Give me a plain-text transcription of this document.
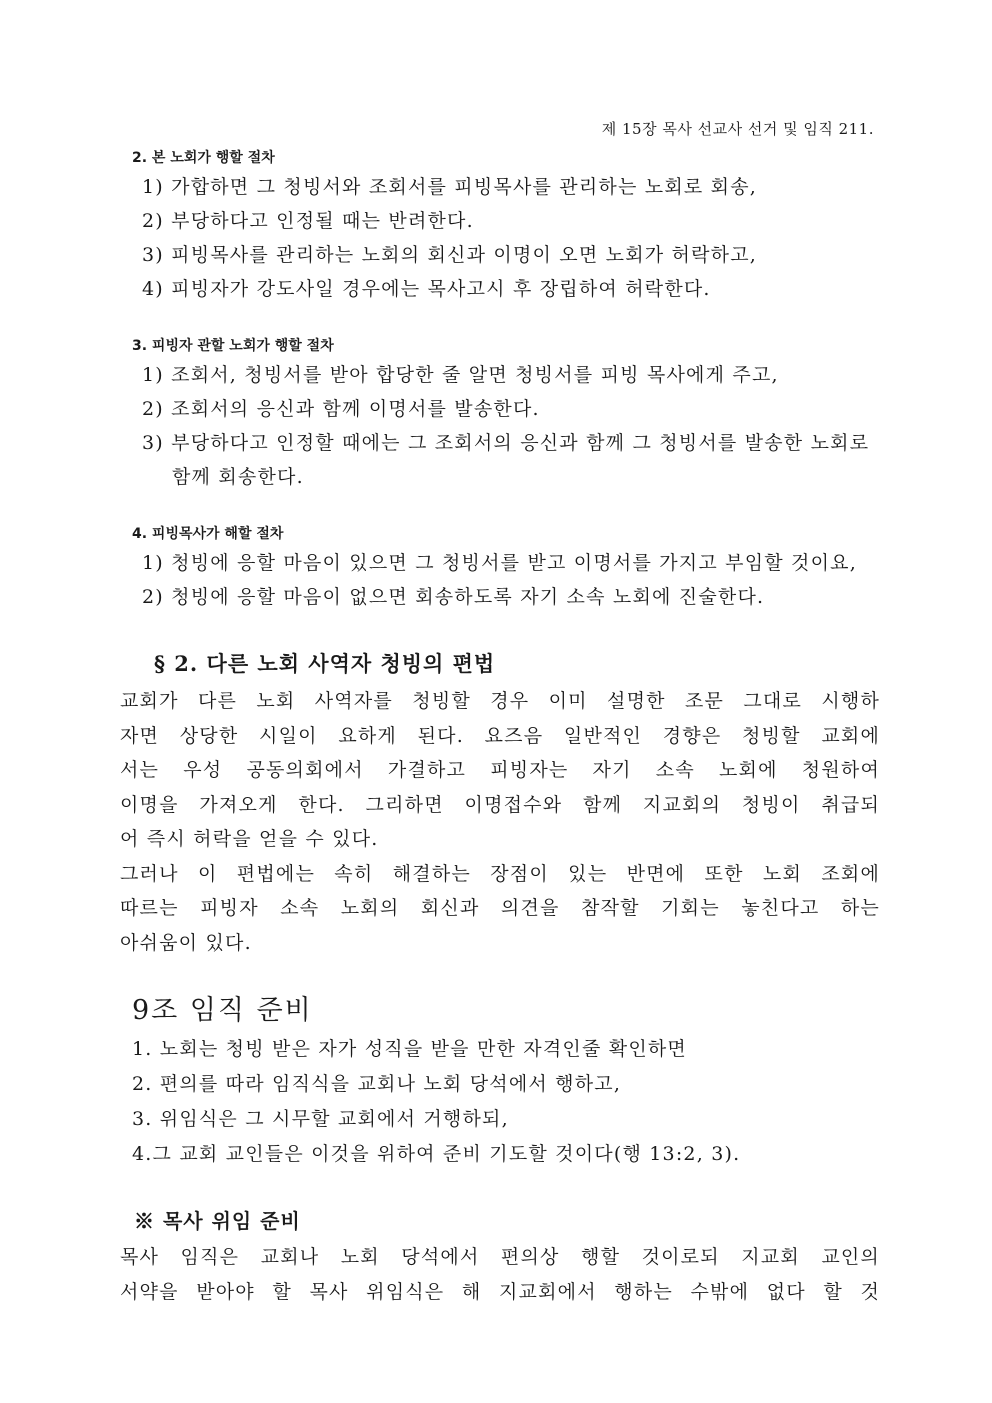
제 15장 목사 선교사 선거 및 임직 211.
2. 본 노회가 행할 절차
1) 가합하면 그 청빙서와 조회서를 피빙목사를 관리하는 노회로 회송,
2) 부당하다고 인정될 때는 반려한다.
3) 피빙목사를 관리하는 노회의 회신과 이명이 오면 노회가 허락하고,
4) 피빙자가 강도사일 경우에는 목사고시 후 장립하여 허락한다.
3. 피빙자 관할 노회가 행할 절차
1) 조회서, 청빙서를 받아 합당한 줄 알면 청빙서를 피빙 목사에게 주고,
2) 조회서의 응신과 함께 이명서를 발송한다.
3) 부당하다고 인정할 때에는 그 조회서의 응신과 함께 그 청빙서를 발송한 노회로 함께 회송한다.
4. 피빙목사가 해할 절차
1) 청빙에 응할 마음이 있으면 그 청빙서를 받고 이명서를 가지고 부임할 것이요,
2) 청빙에 응할 마음이 없으면 회송하도록 자기 소속 노회에 진술한다.
§ 2. 다른 노회 사역자 청빙의 편법
교회가 다른 노회 사역자를 청빙할 경우 이미 설명한 조문 그대로 시행하
자면 상당한 시일이 요하게 된다. 요즈음 일반적인 경향은 청빙할 교회에
서는 우성 공동의회에서 가결하고 피빙자는 자기 소속 노회에 청원하여
이명을 가져오게 한다. 그리하면 이명접수와 함께 지교회의 청빙이 취급되
어 즉시 허락을 얻을 수 있다.
그러나 이 편법에는 속히 해결하는 장점이 있는 반면에 또한 노회 조회에
따르는 피빙자 소속 노회의 회신과 의견을 참작할 기회는 놓친다고 하는
아쉬움이 있다.
9조 임직 준비
1. 노회는 청빙 받은 자가 성직을 받을 만한 자격인줄 확인하면
2. 편의를 따라 임직식을 교회나 노회 당석에서 행하고,
3. 위임식은 그 시무할 교회에서 거행하되,
4.그 교회 교인들은 이것을 위하여 준비 기도할 것이다(행 13:2, 3).
※ 목사 위임 준비
목사 임직은 교회나 노회 당석에서 편의상 행할 것이로되 지교회 교인의
서약을 받아야 할 목사 위임식은 해 지교회에서 행하는 수밖에 없다 할 것
